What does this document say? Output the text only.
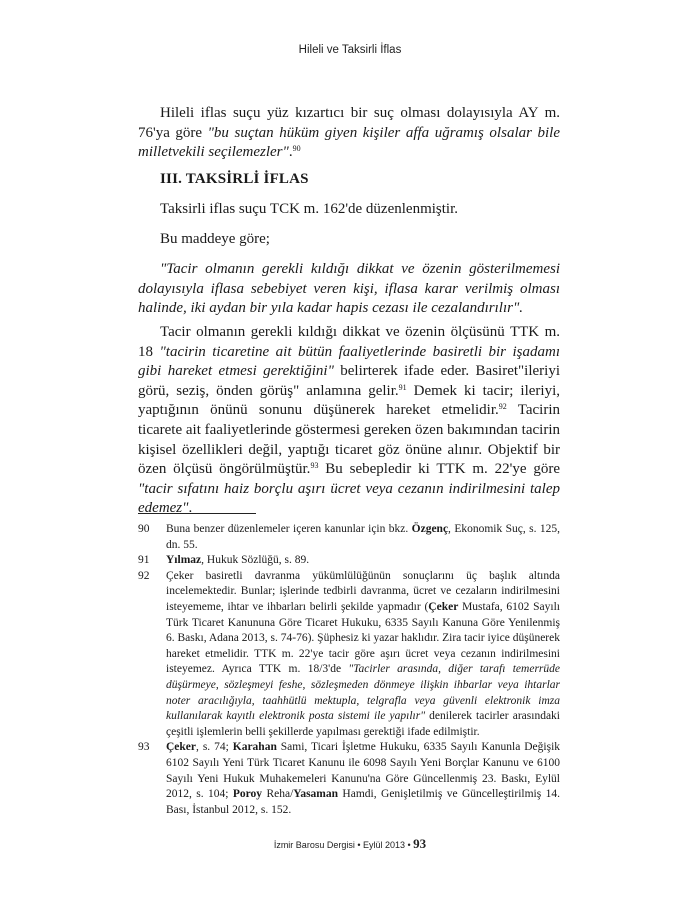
Hileli ve Taksirli İflas

Hileli iflas suçu yüz kızartıcı bir suç olması dolayısıyla AY m. 76'ya göre "bu suçtan hüküm giyen kişiler affa uğramış olsalar bile milletvekili seçilemezler".$^{90}$

III. TAKSİRLİ İFLAS

Taksirli iflas suçu TCK m. 162'de düzenlenmiştir.

Bu maddeye göre;

"Tacir olmanın gerekli kıldığı dikkat ve özenin gösterilmemesi dolayısıyla iflasa sebebiyet veren kişi, iflasa karar verilmiş olması halinde, iki aydan bir yıla kadar hapis cezası ile cezalandırılır".

Tacir olmanın gerekli kıldığı dikkat ve özenin ölçüsünü TTK m. 18 "tacirin ticaretine ait bütün faaliyetlerinde basiretli bir işadamı gibi hareket etmesi gerektiğini" belirterek ifade eder. Basiret"ileriyi görü, seziş, önden görüş" anlamına gelir.$^{91}$ Demek ki tacir; ileriyi, yaptığının önünü sonunu düşünerek hareket etmelidir.$^{92}$ Tacirin ticarete ait faaliyetlerinde göstermesi gereken özen bakımından tacirin kişisel özellikleri değil, yaptığı ticaret göz önüne alınır. Objektif bir özen ölçüsü öngörülmüştür.$^{93}$ Bu sebepledir ki TTK m. 22'ye göre "tacir sıfatını haiz borçlu aşırı ücret veya cezanın indirilmesini talep edemez".

90 Buna benzer düzenlemeler içeren kanunlar için bkz. Özgenç, Ekonomik Suç, s. 125, dn. 55.

91 Yılmaz, Hukuk Sözlüğü, s. 89.

92 Çeker basiretli davranma yükümlülüğünün sonuçlarını üç başlık altında incelemektedir. Bunlar; işlerinde tedbirli davranma, ücret ve cezaların indirilmesini isteyememe, ihtar ve ihbarları belirli şekilde yapmadır (Çeker Mustafa, 6102 Sayılı Türk Ticaret Kanununa Göre Ticaret Hukuku, 6335 Sayılı Kanuna Göre Yenilenmiş 6. Baskı, Adana 2013, s. 74-76). Şüphesiz ki yazar haklıdır. Zira tacir iyice düşünerek hareket etmelidir. TTK m. 22'ye tacir göre aşırı ücret veya cezanın indirilmesini isteyemez. Ayrıca TTK m. 18/3'de "Tacirler arasında, diğer tarafı temerrüde düşürmeye, sözleşmeyi feshe, sözleşmeden dönmeye ilişkin ihbarlar veya ihtarlar noter aracılığıyla, taahhütlü mektupla, telgrafla veya güvenli elektronik imza kullanılarak kayıtlı elektronik posta sistemi ile yapılır" denilerek tacirler arasındaki çeşitli işlemlerin belli şekillerde yapılması gerektiği ifade edilmiştir.

93 Çeker, s. 74; Karahan Sami, Ticari İşletme Hukuku, 6335 Sayılı Kanunla Değişik 6102 Sayılı Yeni Türk Ticaret Kanunu ile 6098 Sayılı Yeni Borçlar Kanunu ve 6100 Sayılı Yeni Hukuk Muhakemeleri Kanunu'na Göre Güncellenmiş 23. Baskı, Eylül 2012, s. 104; Poroy Reha/Yasaman Hamdi, Genişletilmiş ve Güncelleştirilmiş 14. Bası, İstanbul 2012, s. 152.

İzmir Barosu Dergisi • Eylül 2013 • 93
